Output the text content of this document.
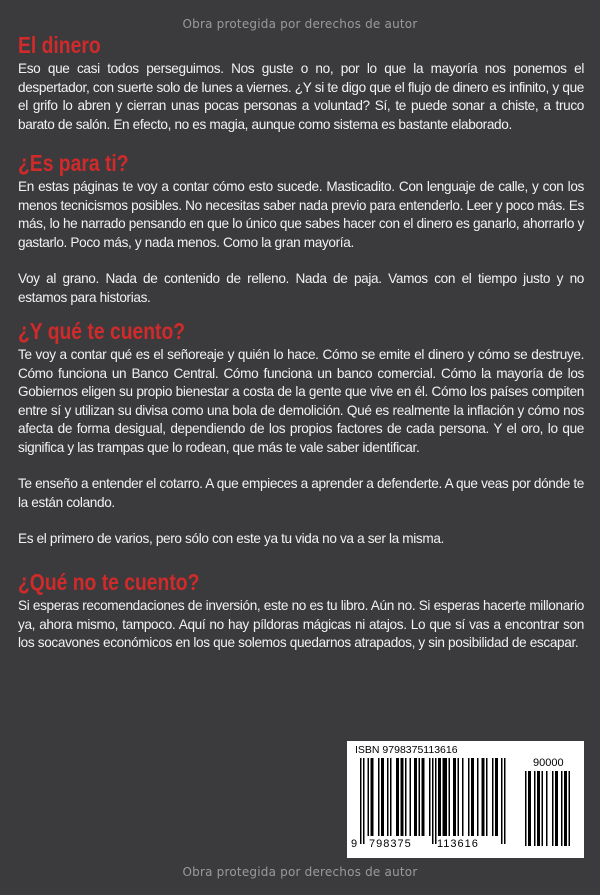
Obra protegida por derechos de autor
El dinero

Eso que casi todos perseguimos. Nos guste o no, por lo que la mayoría nos ponemos el despertador, con suerte solo de lunes a viernes. ¿Y si te digo que el flujo de dinero es infinito, y que el grifo lo abren y cierran unas pocas personas a voluntad? Sí, te puede sonar a chiste, a truco barato de salón. En efecto, no es magia, aunque como sistema es bastante elaborado.

¿Es para ti?

En estas páginas te voy a contar cómo esto sucede. Masticadito. Con lenguaje de calle, y con los menos tecnicismos posibles. No necesitas saber nada previo para entenderlo. Leer y poco más. Es más, lo he narrado pensando en que lo único que sabes hacer con el dinero es ganarlo, ahorrarlo y gastarlo. Poco más, y nada menos. Como la gran mayoría.

Voy al grano. Nada de contenido de relleno. Nada de paja. Vamos con el tiempo justo y no estamos para historias.

¿Y qué te cuento?

Te voy a contar qué es el señoreaje y quién lo hace. Cómo se emite el dinero y cómo se destruye. Cómo funciona un Banco Central. Cómo funciona un banco comercial. Cómo la mayoría de los Gobiernos eligen su propio bienestar a costa de la gente que vive en él. Cómo los países compiten entre sí y utilizan su divisa como una bola de demolición. Qué es realmente la inflación y cómo nos afecta de forma desigual, dependiendo de los propios factores de cada persona. Y el oro, lo que significa y las trampas que lo rodean, que más te vale saber identificar.

Te enseño a entender el cotarro. A que empieces a aprender a defenderte. A que veas por dónde te la están colando.

Es el primero de varios, pero sólo con este ya tu vida no va a ser la misma.

¿Qué no te cuento?

Si esperas recomendaciones de inversión, este no es tu libro. Aún no. Si esperas hacerte millonario ya, ahora mismo, tampoco. Aquí no hay píldoras mágicas ni atajos. Lo que sí vas a encontrar son los socavones económicos en los que solemos quedarnos atrapados, y sin posibilidad de escapar.

ISBN 9798375113616
90000
9 798375 113616
Obra protegida por derechos de autor
